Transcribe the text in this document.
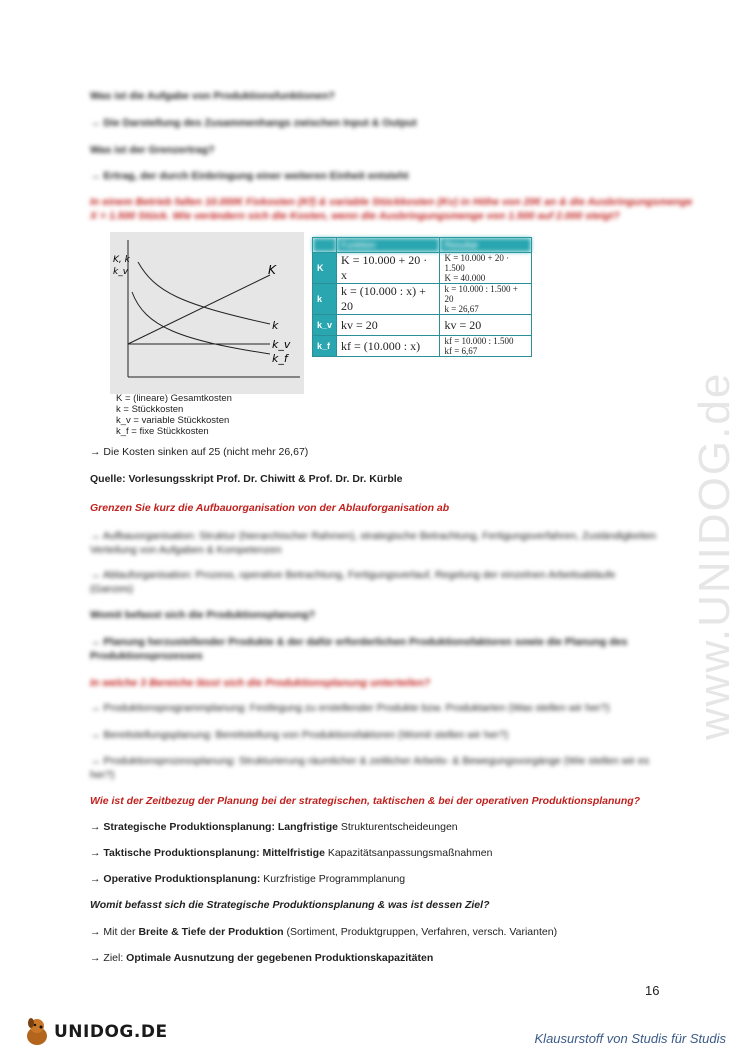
www.UNIDOG.de
Was ist die Aufgabe von Produktionsfunktionen?
→ Die Darstellung des Zusammenhangs zwischen Input & Output
Was ist der Grenzertrag?
→ Ertrag, der durch Einbringung einer weiteren Einheit entsteht
In einem Betrieb fallen 10.000€ Fixkosten (Kf) & variable Stückkosten (Kv) in Höhe von 20€ an & die Ausbringungsmenge
X = 1.500 Stück. Wie verändern sich die Kosten, wenn die Ausbringungsmenge von 1.500 auf 2.000 steigt?
K
k
k_v
k_f
K, k
k_v
K = (lineare) Gesamtkosten
k = Stückkosten
k_v = variable Stückkosten
k_f = fixe Stückkosten
	Funktion	Resultat
K	K = 10.000 + 20 · x	K = 10.000 + 20 · 1.500
K = 40.000

k	k = (10.000 : x) + 20	k = 10.000 : 1.500 + 20
k = 26,67

k_v	kv = 20	kv = 20
k_f	kf = (10.000 : x)	kf = 10.000 : 1.500
kf = 6,67
→ Die Kosten sinken auf 25 (nicht mehr 26,67)
Quelle: Vorlesungsskript Prof. Dr. Chiwitt & Prof. Dr. Dr. Kürble
Grenzen Sie kurz die Aufbauorganisation von der Ablauforganisation ab
→ Aufbauorganisation: Struktur (hierarchischer Rahmen), strategische Betrachtung, Fertigungsverfahren, Zuständigkeiten
Verteilung von Aufgaben & Kompetenzen
→ Ablauforganisation: Prozess, operative Betrachtung, Fertigungsverlauf, Regelung der einzelnen Arbeitsabläufe
(Ganzes)
Womit befasst sich die Produktionsplanung?
→ Planung herzustellender Produkte & der dafür erforderlichen Produktionsfaktoren sowie die Planung des
Produktionsprozesses
In welche 3 Bereiche lässt sich die Produktionsplanung unterteilen?
→ Produktionsprogrammplanung: Festlegung zu erstellender Produkte bzw. Produktarten (Was stellen wir her?)
→ Bereitstellungsplanung: Bereitstellung von Produktionsfaktoren (Womit stellen wir her?)
→ Produktionsprozessplanung: Strukturierung räumlicher & zeitlicher Arbeits- & Bewegungsvorgänge (Wie stellen wir es
her?)
Wie ist der Zeitbezug der Planung bei der strategischen, taktischen & bei der operativen Produktionsplanung?
→ Strategische Produktionsplanung: Langfristige Strukturentscheideungen
→ Taktische Produktionsplanung: Mittelfristige Kapazitätsanpassungsmaßnahmen
→ Operative Produktionsplanung: Kurzfristige Programmplanung
Womit befasst sich die Strategische Produktionsplanung & was ist dessen Ziel?
→ Mit der Breite & Tiefe der Produktion (Sortiment, Produktgruppen, Verfahren, versch. Varianten)
→ Ziel: Optimale Ausnutzung der gegebenen Produktionskapazitäten
16
UNIDOG.DE	Klausurstoff von Studis für Studis
